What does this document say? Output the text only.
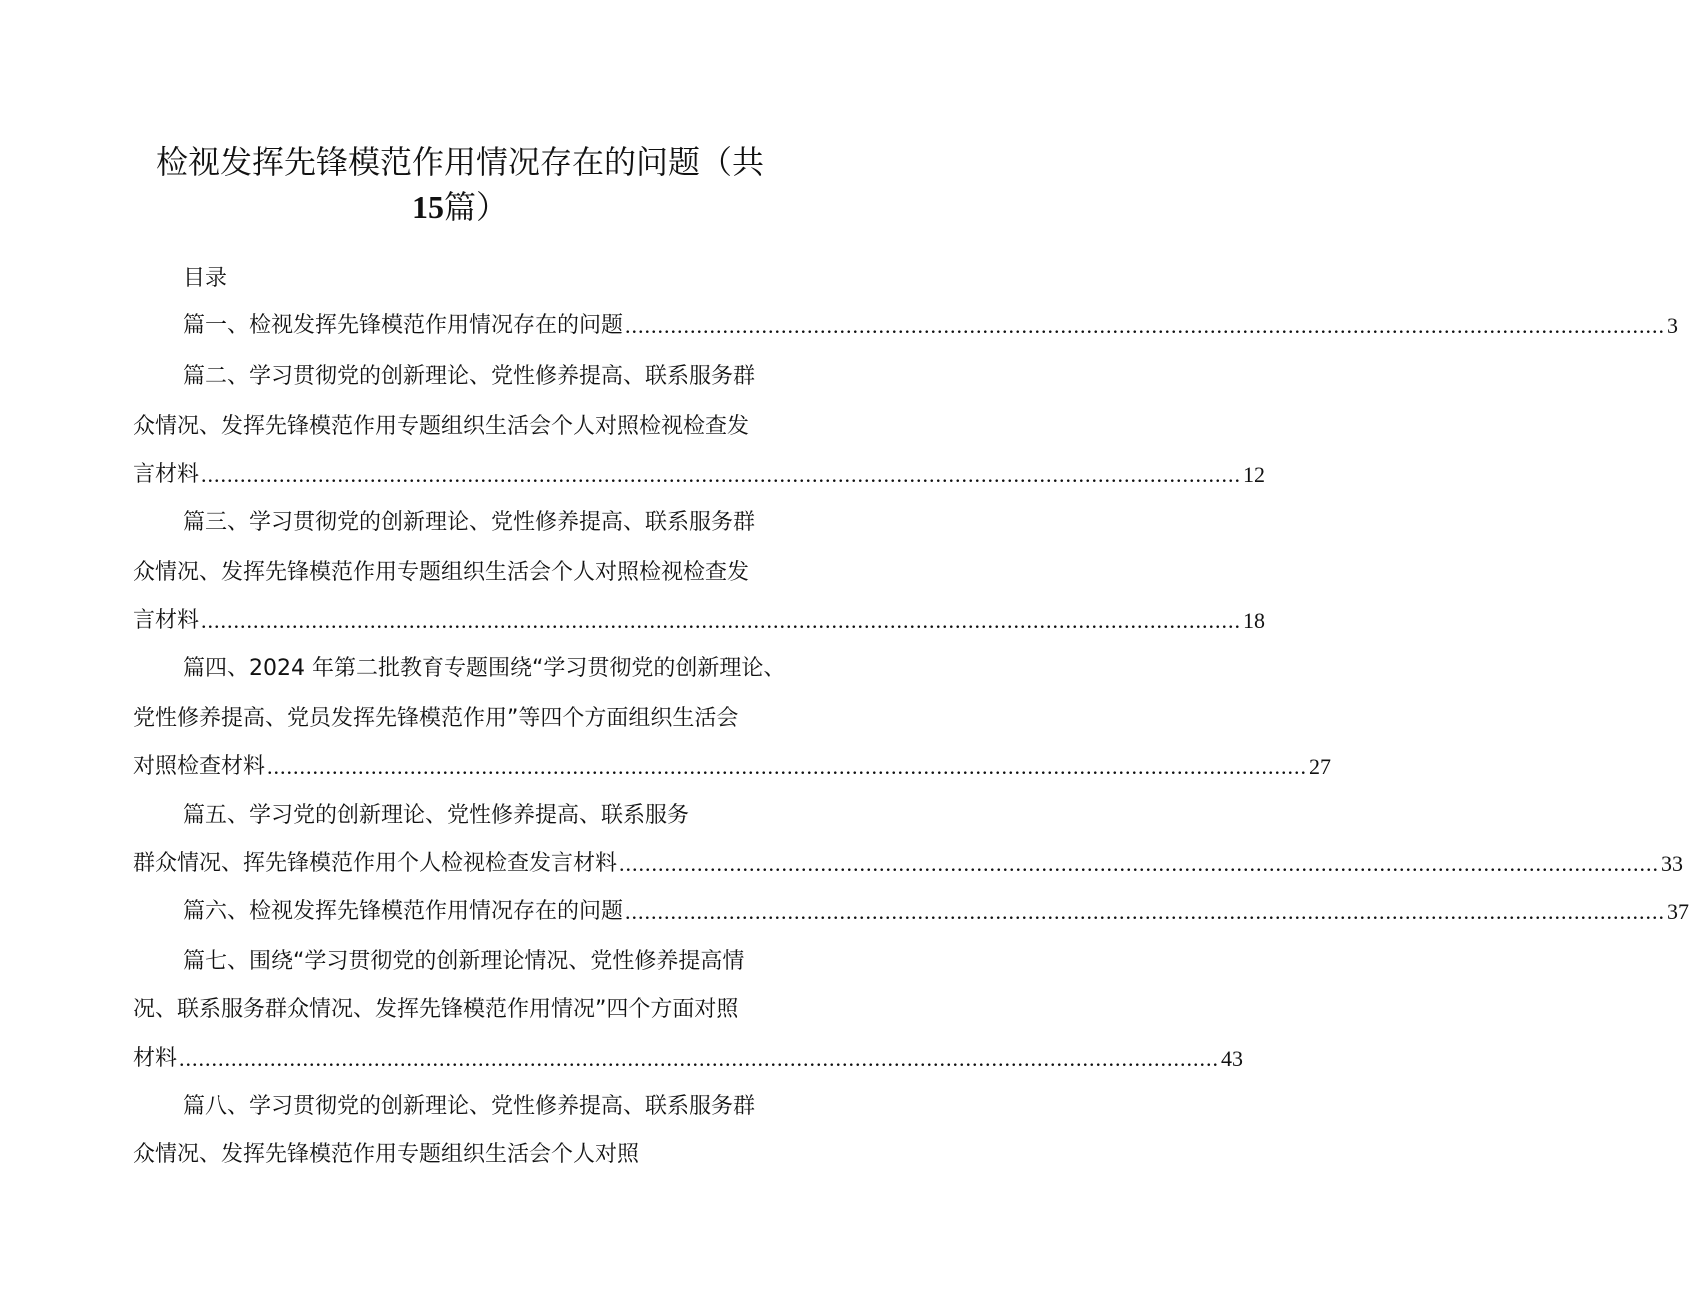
检视发挥先锋模范作用情况存在的问题（共
15篇）
目录
篇一、检视发挥先锋模范作用情况存在的问题 ................................................................................................................................................................ 3
篇二、学习贯彻党的创新理论、党性修养提高、联系服务群
众情况、发挥先锋模范作用专题组织生活会个人对照检视检查发
言材料 ................................................................................................................................................................ 12
篇三、学习贯彻党的创新理论、党性修养提高、联系服务群
众情况、发挥先锋模范作用专题组织生活会个人对照检视检查发
言材料 ................................................................................................................................................................ 18
篇四、2024 年第二批教育专题围绕“学习贯彻党的创新理论、
党性修养提高、党员发挥先锋模范作用”等四个方面组织生活会
对照检查材料 ................................................................................................................................................................ 27
篇五、学习党的创新理论、党性修养提高、联系服务
群众情况、挥先锋模范作用个人检视检查发言材料 ................................................................................................................................................................ 33
篇六、检视发挥先锋模范作用情况存在的问题 ................................................................................................................................................................ 37
篇七、围绕“学习贯彻党的创新理论情况、党性修养提高情
况、联系服务群众情况、发挥先锋模范作用情况”四个方面对照
材料 ................................................................................................................................................................ 43
篇八、学习贯彻党的创新理论、党性修养提高、联系服务群
众情况、发挥先锋模范作用专题组织生活会个人对照
